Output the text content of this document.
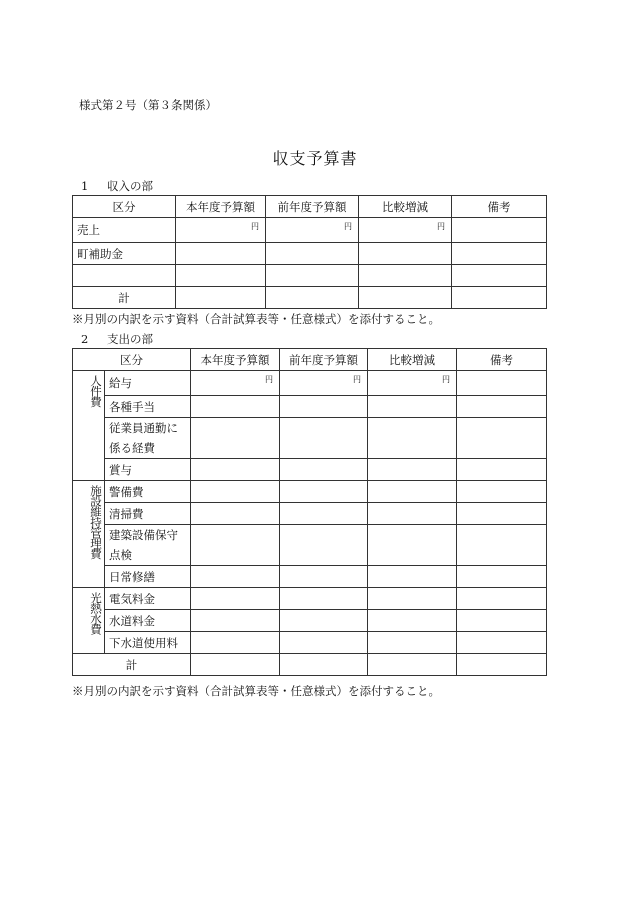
様式第２号（第３条関係）
収支予算書
1 収入の部
区分	本年度予算額	前年度予算額	比較増減	備考
売上	円	円	円	
町補助金				

計				
※月別の内訳を示す資料（合計試算表等・任意様式）を添付すること。
2 支出の部
区分		本年度予算額	前年度予算額	比較増減	備考
人件費	給与	円	円	円	
	各種手当				
	従業員通勤に係る経費				
	賞与				
施設維持管理費	警備費				
	清掃費				
	建築設備保守点検				
	日常修繕				
光熱水費	電気料金				
	水道料金				
	下水道使用料				
計					
※月別の内訳を示す資料（合計試算表等・任意様式）を添付すること。
